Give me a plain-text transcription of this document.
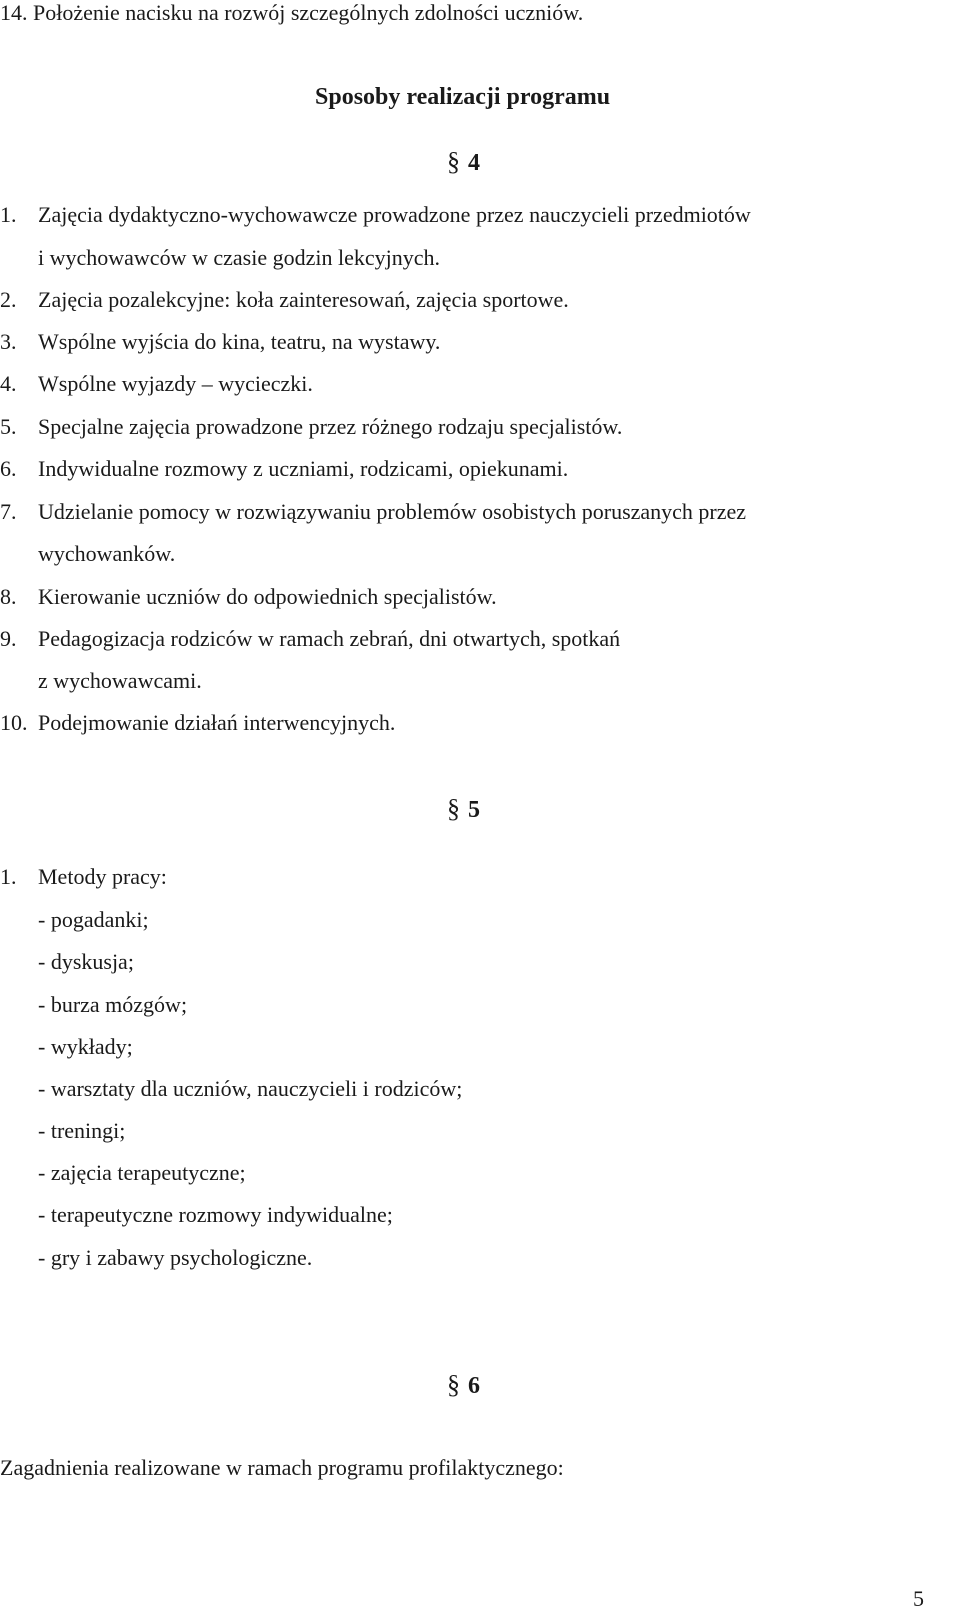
14. Położenie nacisku na rozwój szczególnych zdolności uczniów.
Sposoby realizacji programu
§ 4
1. Zajęcia dydaktyczno-wychowawcze prowadzone przez nauczycieli przedmiotów
i wychowawców w czasie godzin lekcyjnych.
2. Zajęcia pozalekcyjne: koła zainteresowań, zajęcia sportowe.
3. Wspólne wyjścia do kina, teatru, na wystawy.
4. Wspólne wyjazdy – wycieczki.
5. Specjalne zajęcia prowadzone przez różnego rodzaju specjalistów.
6. Indywidualne rozmowy z uczniami, rodzicami, opiekunami.
7. Udzielanie pomocy w rozwiązywaniu problemów osobistych poruszanych przez
wychowanków.
8. Kierowanie uczniów do odpowiednich specjalistów.
9. Pedagogizacja rodziców w ramach zebrań, dni otwartych, spotkań
z wychowawcami.
10. Podejmowanie działań interwencyjnych.
§ 5
1. Metody pracy:
- pogadanki;
- dyskusja;
- burza mózgów;
- wykłady;
- warsztaty dla uczniów, nauczycieli i rodziców;
- treningi;
- zajęcia terapeutyczne;
- terapeutyczne rozmowy indywidualne;
- gry i zabawy psychologiczne.
§ 6
Zagadnienia realizowane w ramach programu profilaktycznego:
5
